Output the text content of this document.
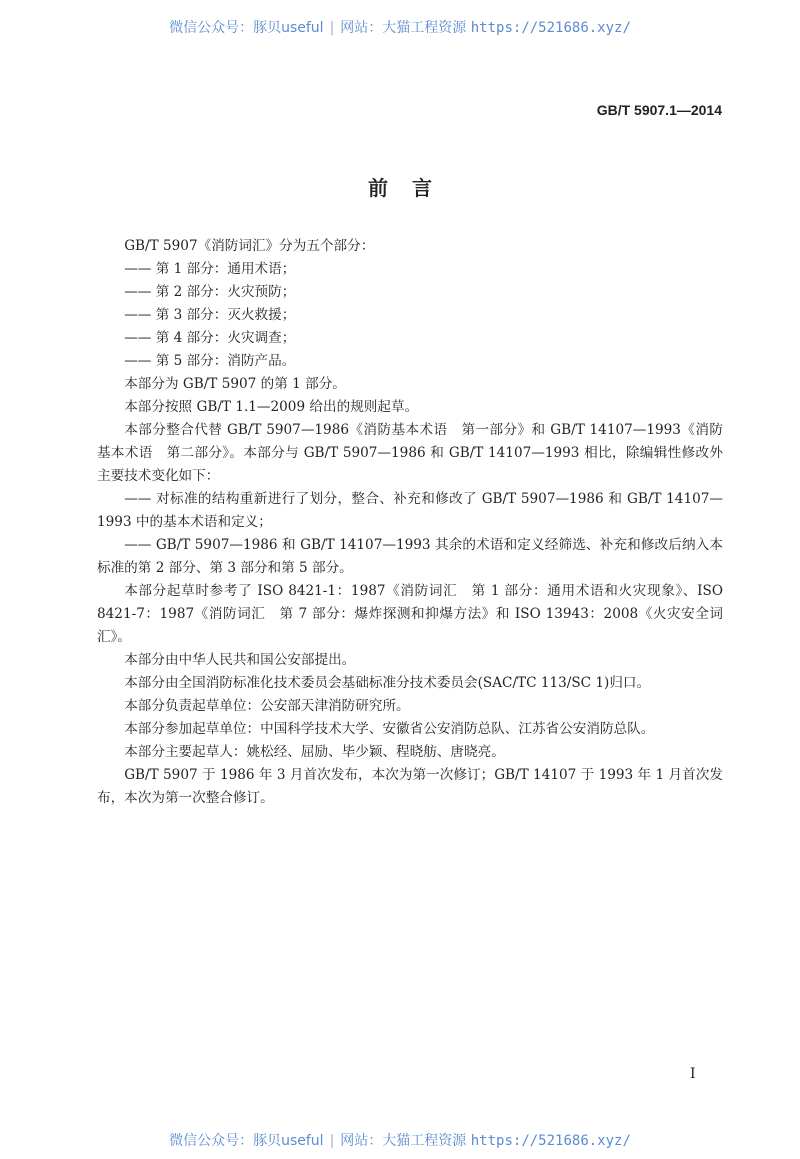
微信公众号：豚贝useful | 网站：大猫工程资源 https://521686.xyz/
GB/T 5907.1—2014
前言

GB/T 5907《消防词汇》分为五个部分：

—— 第 1 部分：通用术语；

—— 第 2 部分：火灾预防；

—— 第 3 部分：灭火救援；

—— 第 4 部分：火灾调查；

—— 第 5 部分：消防产品。

本部分为 GB/T 5907 的第 1 部分。

本部分按照 GB/T 1.1—2009 给出的规则起草。

本部分整合代替 GB/T 5907—1986《消防基本术语　第一部分》和 GB/T 14107—1993《消防基本术语　第二部分》。本部分与 GB/T 5907—1986 和 GB/T 14107—1993 相比，除编辑性修改外主要技术变化如下：

—— 对标准的结构重新进行了划分，整合、补充和修改了 GB/T 5907—1986 和 GB/T 14107—1993 中的基本术语和定义；

—— GB/T 5907—1986 和 GB/T 14107—1993 其余的术语和定义经筛选、补充和修改后纳入本标准的第 2 部分、第 3 部分和第 5 部分。

本部分起草时参考了 ISO 8421-1：1987《消防词汇　第 1 部分：通用术语和火灾现象》、ISO 8421-7：1987《消防词汇　第 7 部分：爆炸探测和抑爆方法》和 ISO 13943：2008《火灾安全词汇》。

本部分由中华人民共和国公安部提出。

本部分由全国消防标准化技术委员会基础标准分技术委员会(SAC/TC 113/SC 1)归口。

本部分负责起草单位：公安部天津消防研究所。

本部分参加起草单位：中国科学技术大学、安徽省公安消防总队、江苏省公安消防总队。

本部分主要起草人：姚松经、屈励、毕少颖、程晓舫、唐晓亮。

GB/T 5907 于 1986 年 3 月首次发布，本次为第一次修订；GB/T 14107 于 1993 年 1 月首次发布，本次为第一次整合修订。

I
微信公众号：豚贝useful | 网站：大猫工程资源 https://521686.xyz/
